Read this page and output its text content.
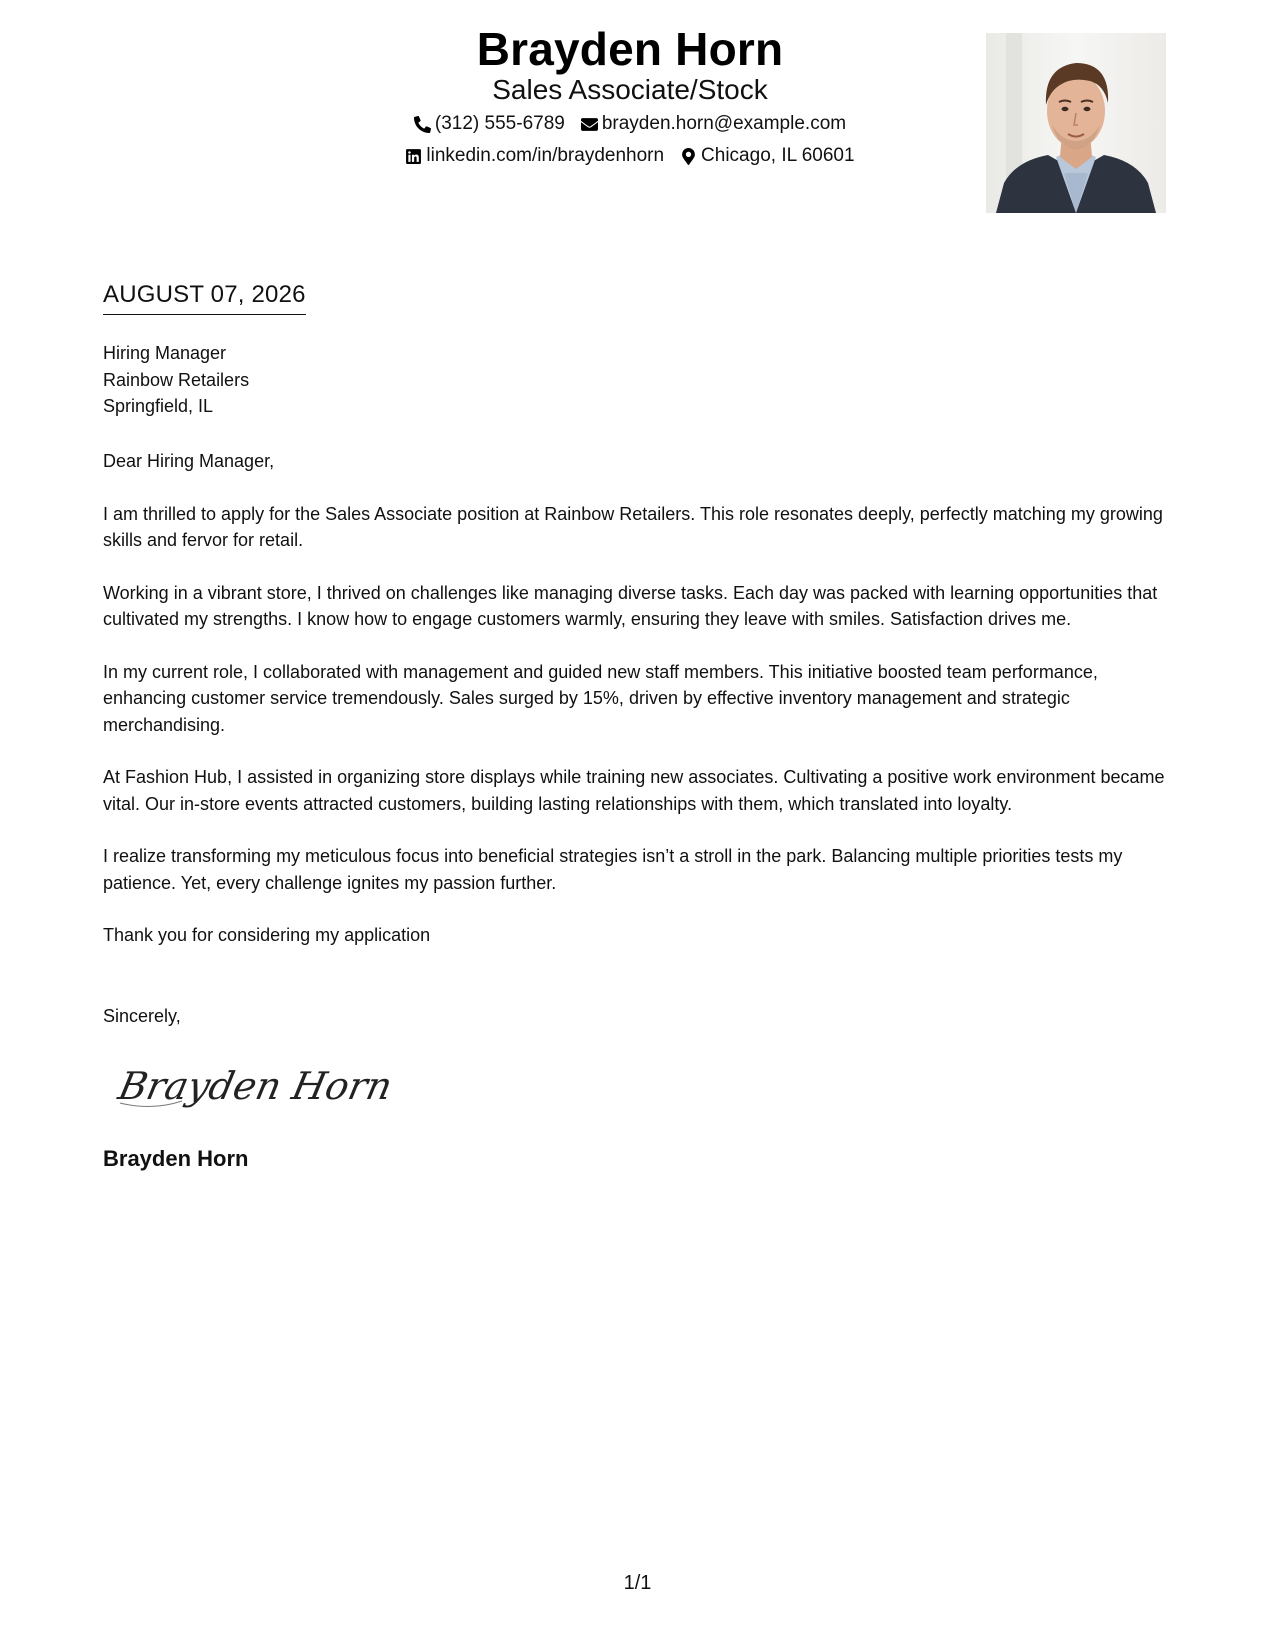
Brayden Horn
Sales Associate/Stock
(312) 555-6789 brayden.horn@example.com
linkedin.com/in/braydenhorn Chicago, IL 60601
AUGUST 07, 2026
Hiring Manager
Rainbow Retailers
Springfield, IL

Dear Hiring Manager,

I am thrilled to apply for the Sales Associate position at Rainbow Retailers. This role resonates deeply, perfectly matching my growing skills and fervor for retail.

Working in a vibrant store, I thrived on challenges like managing diverse tasks. Each day was packed with learning opportunities that cultivated my strengths. I know how to engage customers warmly, ensuring they leave with smiles. Satisfaction drives me.

In my current role, I collaborated with management and guided new staff members. This initiative boosted team performance, enhancing customer service tremendously. Sales surged by 15%, driven by effective inventory management and strategic merchandising.

At Fashion Hub, I assisted in organizing store displays while training new associates. Cultivating a positive work environment became vital. Our in-store events attracted customers, building lasting relationships with them, which translated into loyalty.

I realize transforming my meticulous focus into beneficial strategies isn’t a stroll in the park. Balancing multiple priorities tests my patience. Yet, every challenge ignites my passion further.

Thank you for considering my application

Sincerely,
Brayden Horn
Brayden Horn
1/1
